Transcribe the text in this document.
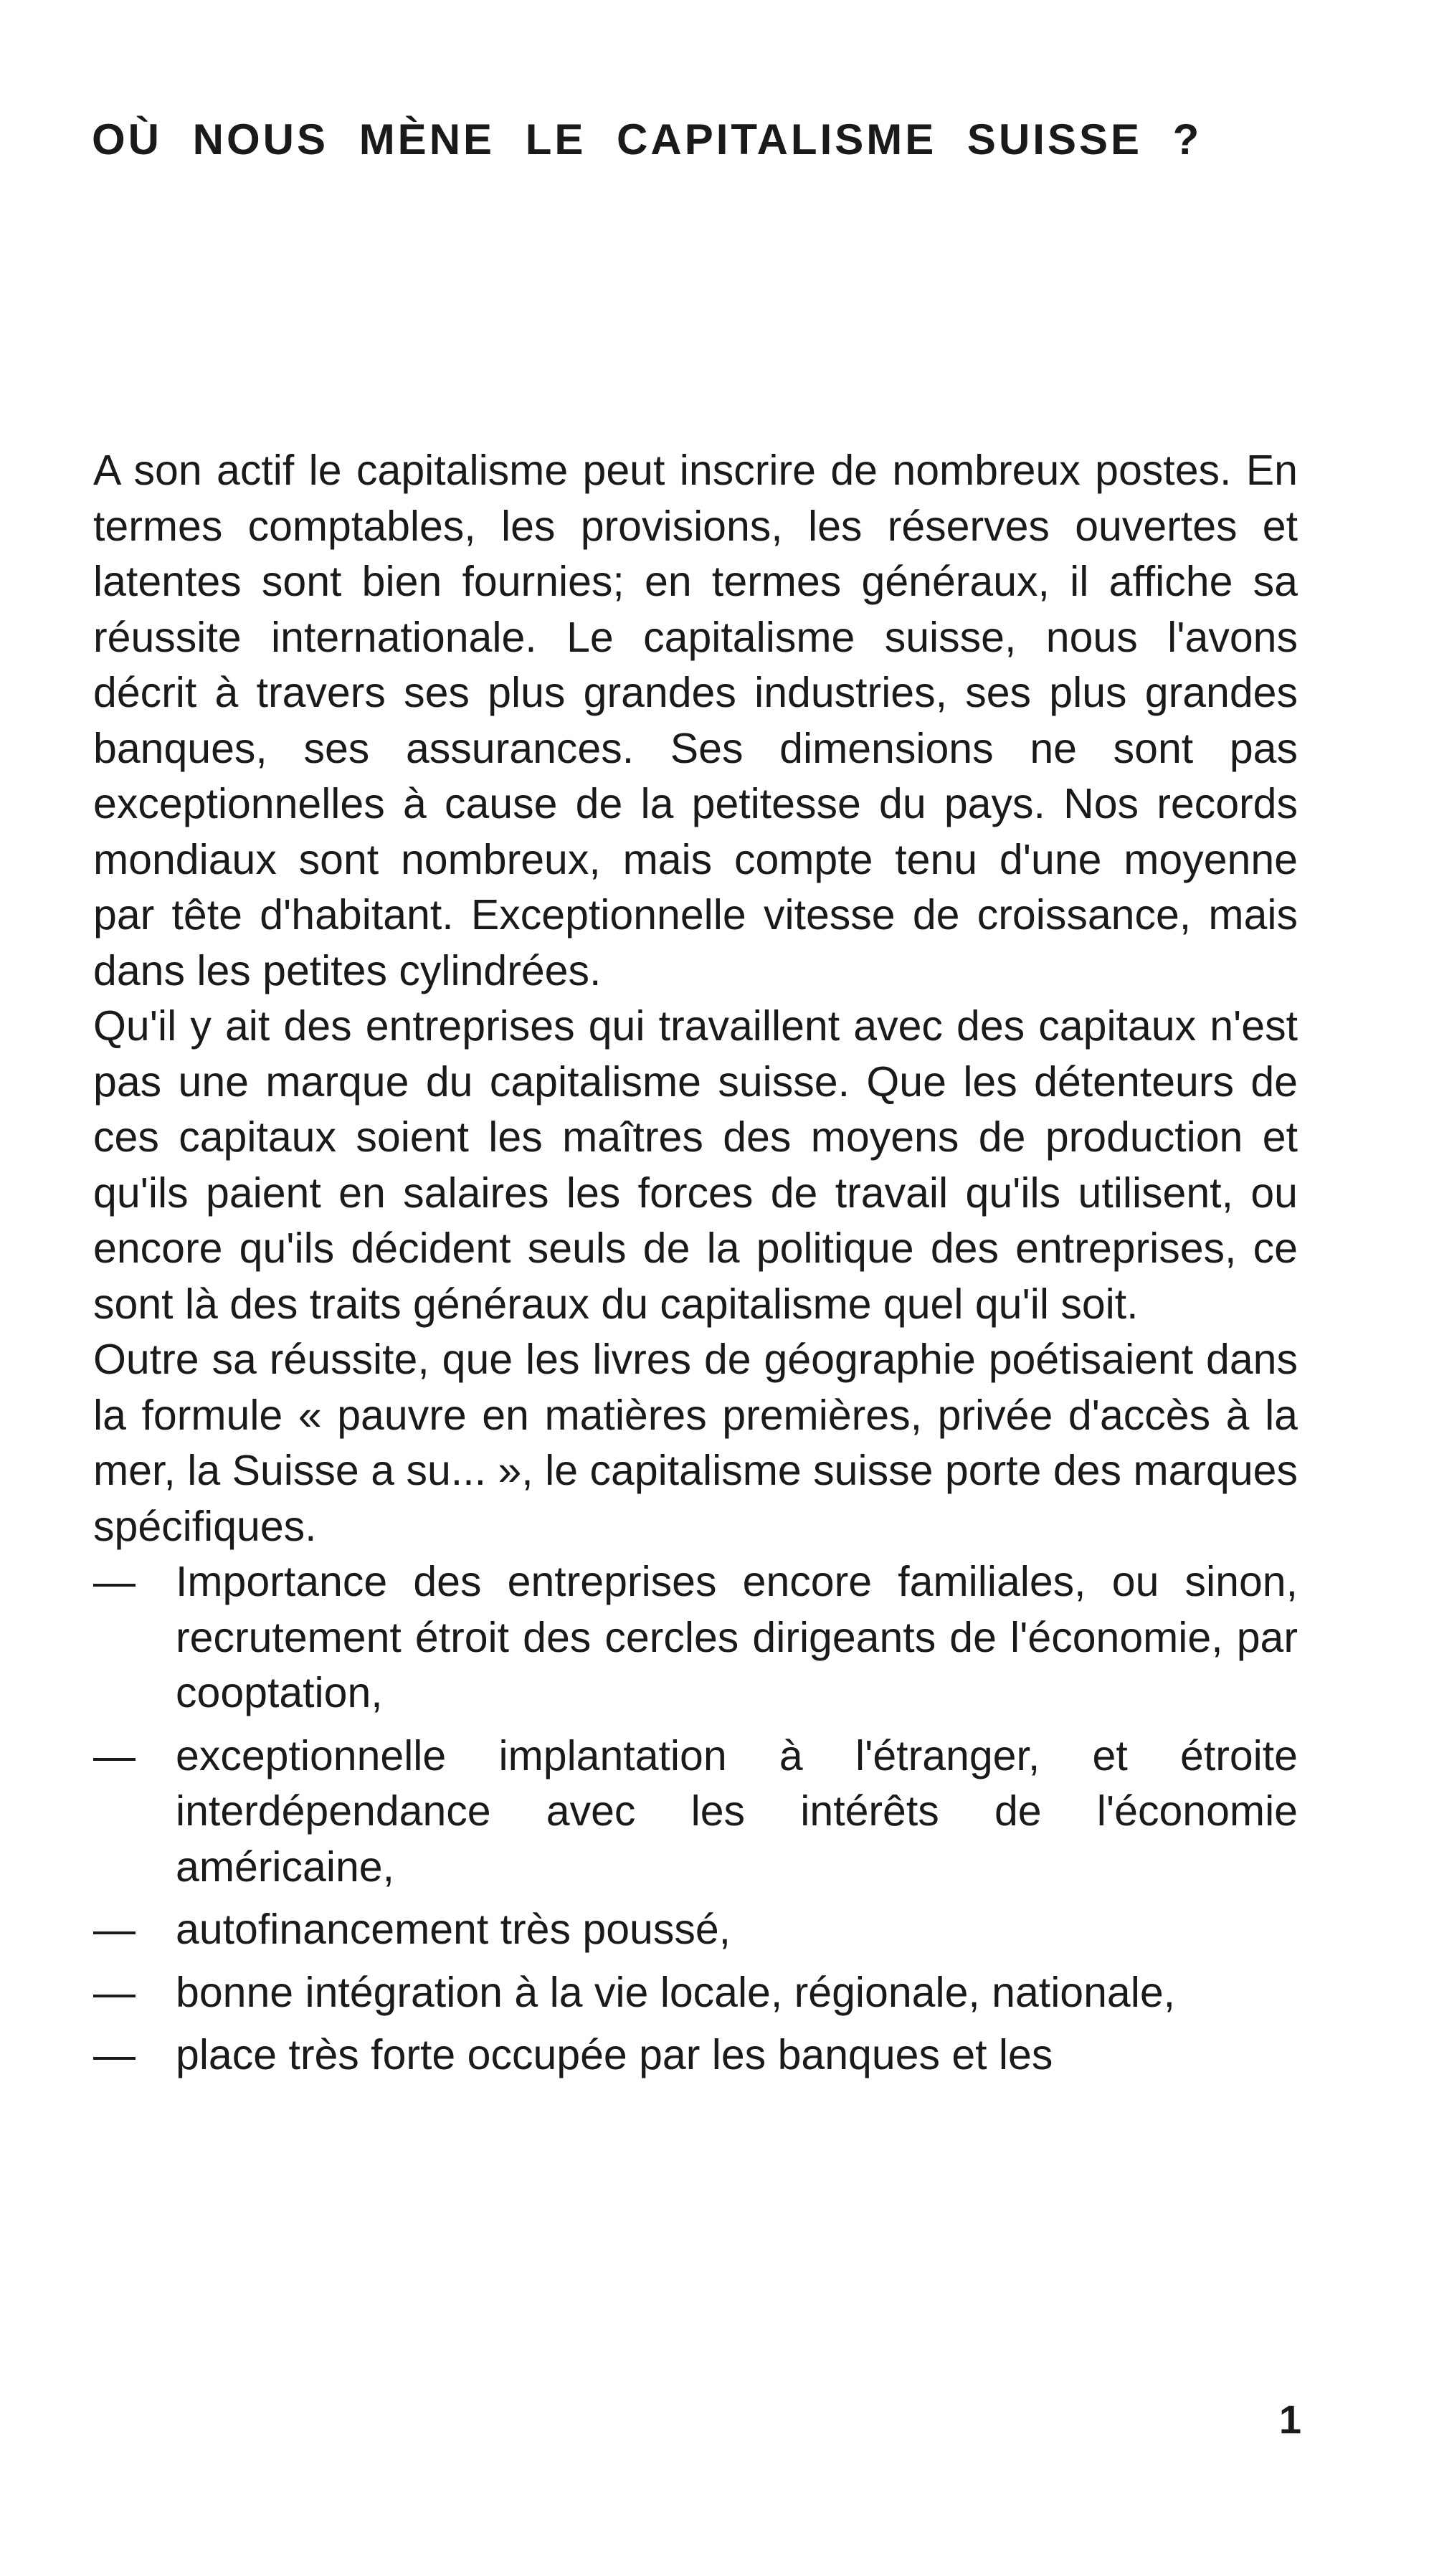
OÙ NOUS MÈNE LE CAPITALISME SUISSE ?

A son actif le capitalisme peut inscrire de nombreux postes. En termes comptables, les provisions, les réserves ouvertes et latentes sont bien fournies; en termes généraux, il affiche sa réussite internationale. Le capitalisme suisse, nous l'avons décrit à travers ses plus grandes industries, ses plus grandes banques, ses assurances. Ses dimensions ne sont pas exceptionnelles à cause de la petitesse du pays. Nos records mondiaux sont nombreux, mais compte tenu d'une moyenne par tête d'habitant. Exceptionnelle vitesse de croissance, mais dans les petites cylindrées.

Qu'il y ait des entreprises qui travaillent avec des capitaux n'est pas une marque du capitalisme suisse. Que les détenteurs de ces capitaux soient les maîtres des moyens de production et qu'ils paient en salaires les forces de travail qu'ils utilisent, ou encore qu'ils décident seuls de la politique des entreprises, ce sont là des traits généraux du capitalisme quel qu'il soit.

Outre sa réussite, que les livres de géographie poétisaient dans la formule « pauvre en matières premières, privée d'accès à la mer, la Suisse a su... », le capitalisme suisse porte des marques spécifiques.

— Importance des entreprises encore familiales, ou sinon, recrutement étroit des cercles dirigeants de l'économie, par cooptation,
— exceptionnelle implantation à l'étranger, et étroite interdépendance avec les intérêts de l'économie américaine,
— autofinancement très poussé,
— bonne intégration à la vie locale, régionale, nationale,
— place très forte occupée par les banques et les
1
